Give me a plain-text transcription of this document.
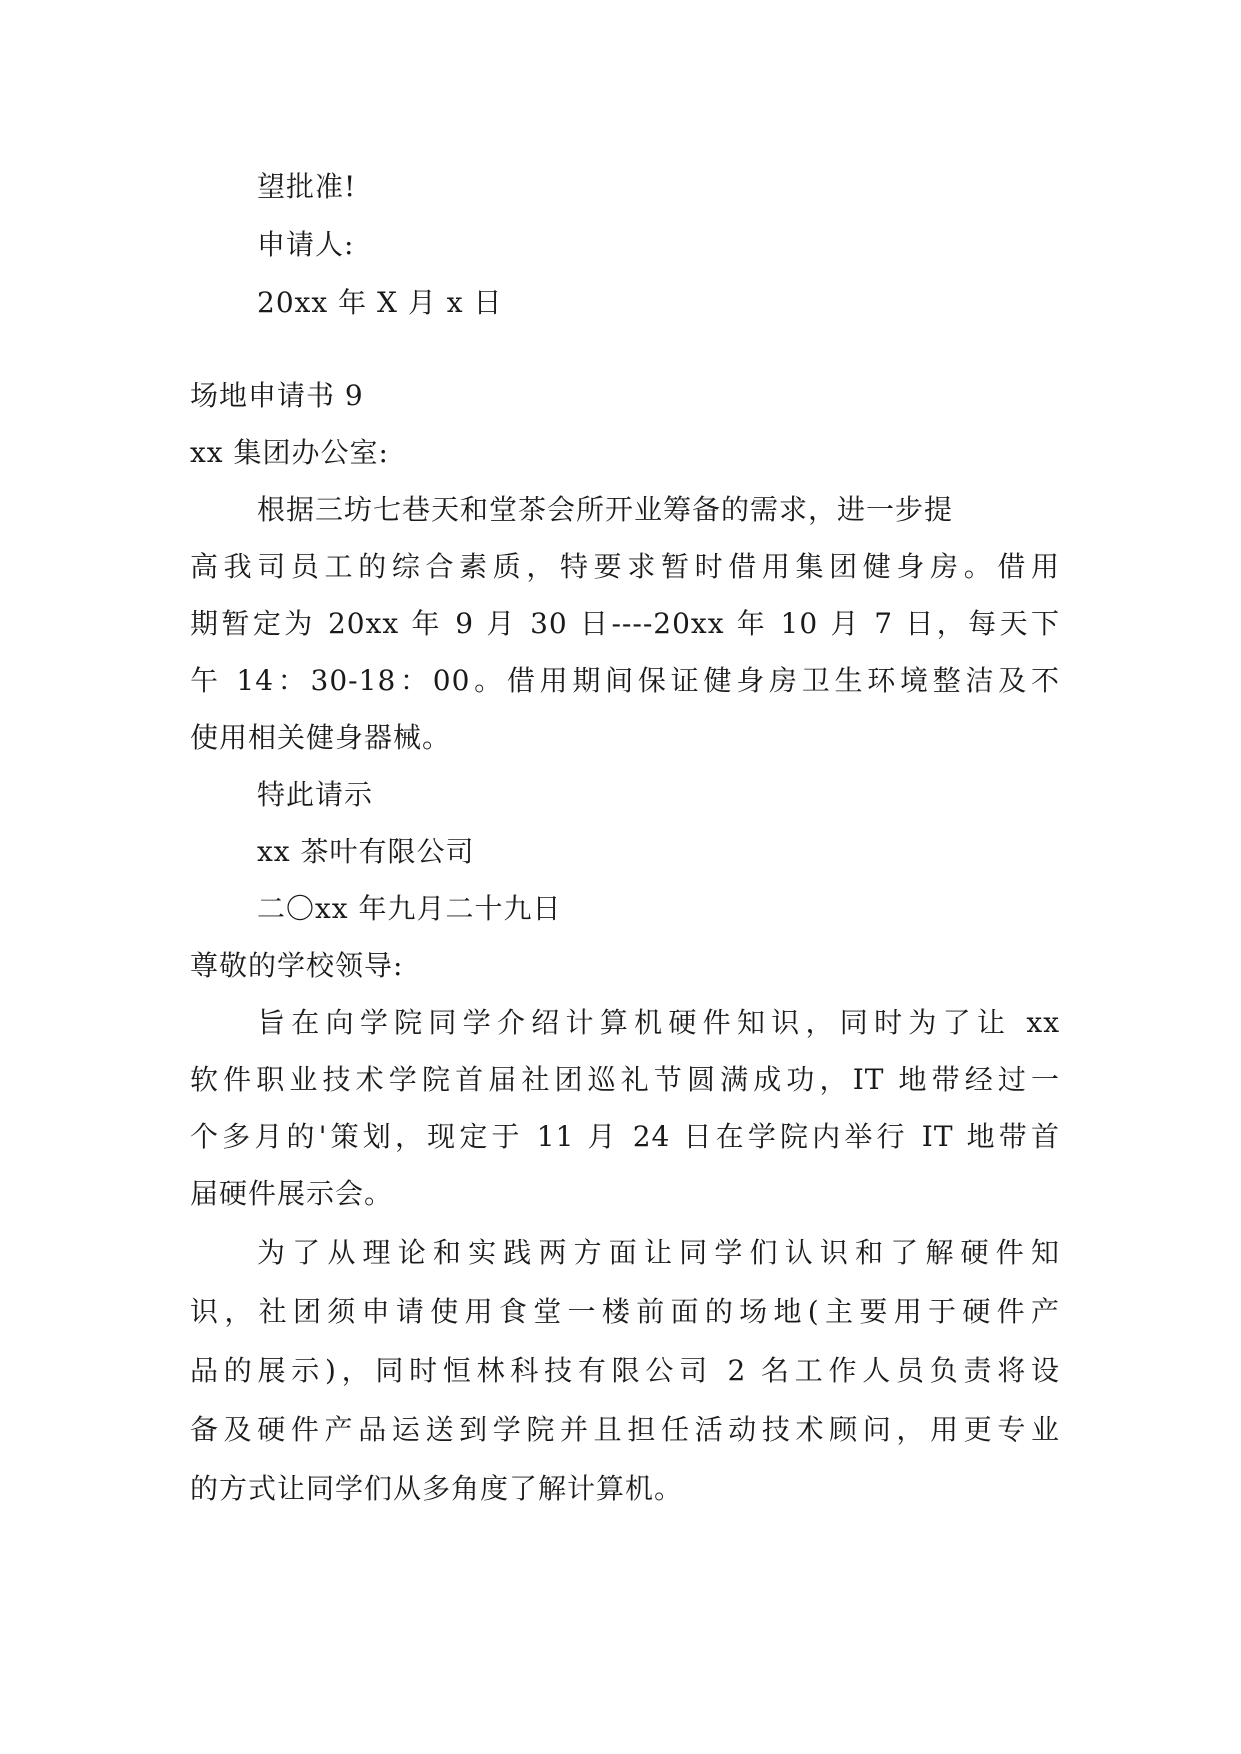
望批准!
申请人:
20xx 年 X 月 x 日
场地申请书 9
xx 集团办公室:
根据三坊七巷天和堂茶会所开业筹备的需求，进一步提
高我司员工的综合素质，特要求暂时借用集团健身房。借用
期暂定为 20xx 年 9 月 30 日----20xx 年 10 月 7 日，每天下
午 14：30-18：00。借用期间保证健身房卫生环境整洁及不
使用相关健身器械。
特此请示
xx 茶叶有限公司
二〇xx 年九月二十九日
尊敬的学校领导:
旨在向学院同学介绍计算机硬件知识，同时为了让 xx
软件职业技术学院首届社团巡礼节圆满成功，IT 地带经过一
个多月的'策划，现定于 11 月 24 日在学院内举行 IT 地带首
届硬件展示会。
为了从理论和实践两方面让同学们认识和了解硬件知
识，社团须申请使用食堂一楼前面的场地(主要用于硬件产
品的展示)，同时恒林科技有限公司 2 名工作人员负责将设
备及硬件产品运送到学院并且担任活动技术顾问，用更专业
的方式让同学们从多角度了解计算机。
